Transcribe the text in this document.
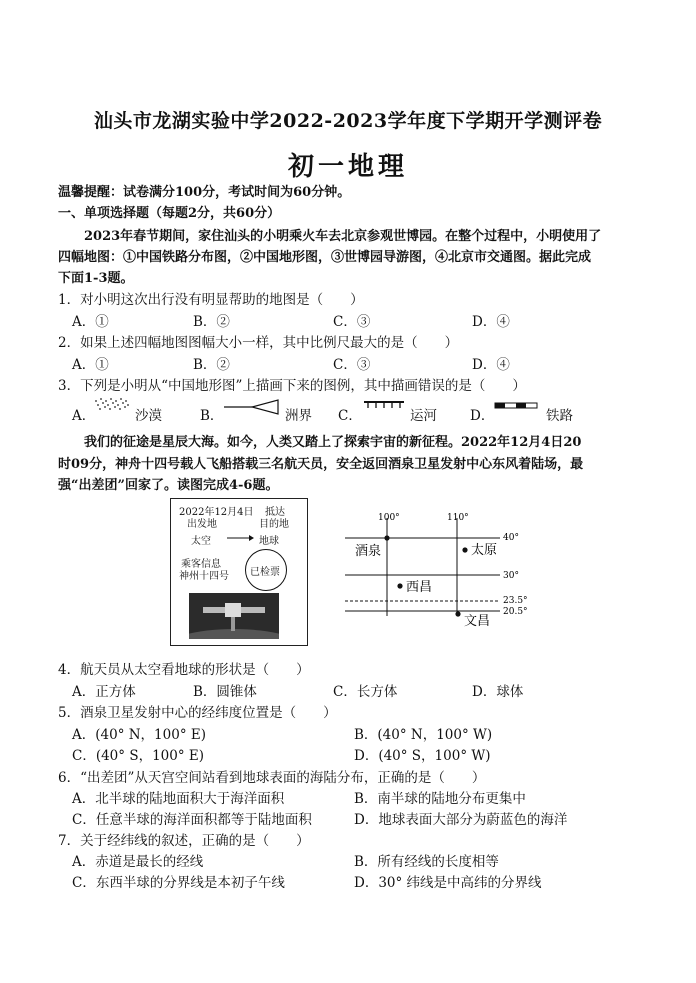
汕头市龙湖实验中学2022-2023学年度下学期开学测评卷
初一地理
温馨提醒：试卷满分100分，考试时间为60分钟。
一、单项选择题（每题2分，共60分）
2023年春节期间，家住汕头的小明乘火车去北京参观世博园。在整个过程中，小明使用了
四幅地图：①中国铁路分布图，②中国地形图，③世博园导游图，④北京市交通图。据此完成
下面1-3题。
1．对小明这次出行没有明显帮助的地图是（　　）
A．①	B．②	C．③	D．④
2．如果上述四幅地图图幅大小一样，其中比例尺最大的是（　　）
A．①	B．②	C．③	D．④
3．下列是小明从“中国地形图”上描画下来的图例，其中描画错误的是（　　）
A．	沙漠	B．	洲界 C．	运河 D．	铁路
我们的征途是星辰大海。如今，人类又踏上了探索宇宙的新征程。2022年12月4日20
时09分，神舟十四号载人飞船搭载三名航天员，安全返回酒泉卫星发射中心东风着陆场，最
强“出差团”回家了。读图完成4-6题。
2022年12月4日
出发地
抵达
目的地
太空	地球
乘客信息
神州十四号 已检票
100°	110°
40°
30°
23.5°
20.5°
酒泉	太原
西昌
文昌
4．航天员从太空看地球的形状是（　　）
A．正方体	B．圆锥体	C．长方体	D．球体
5．酒泉卫星发射中心的经纬度位置是（　　）
A．(40° N，100° E)	B．(40° N，100° W)
C．(40° S，100° E)	D．(40° S，100° W)
6．“出差团”从天宫空间站看到地球表面的海陆分布，正确的是（　　）
A．北半球的陆地面积大于海洋面积	B．南半球的陆地分布更集中
C．任意半球的海洋面积都等于陆地面积	D．地球表面大部分为蔚蓝色的海洋
7．关于经纬线的叙述，正确的是（　　）
A．赤道是最长的经线	B．所有经线的长度相等
C．东西半球的分界线是本初子午线	D．30° 纬线是中高纬的分界线
